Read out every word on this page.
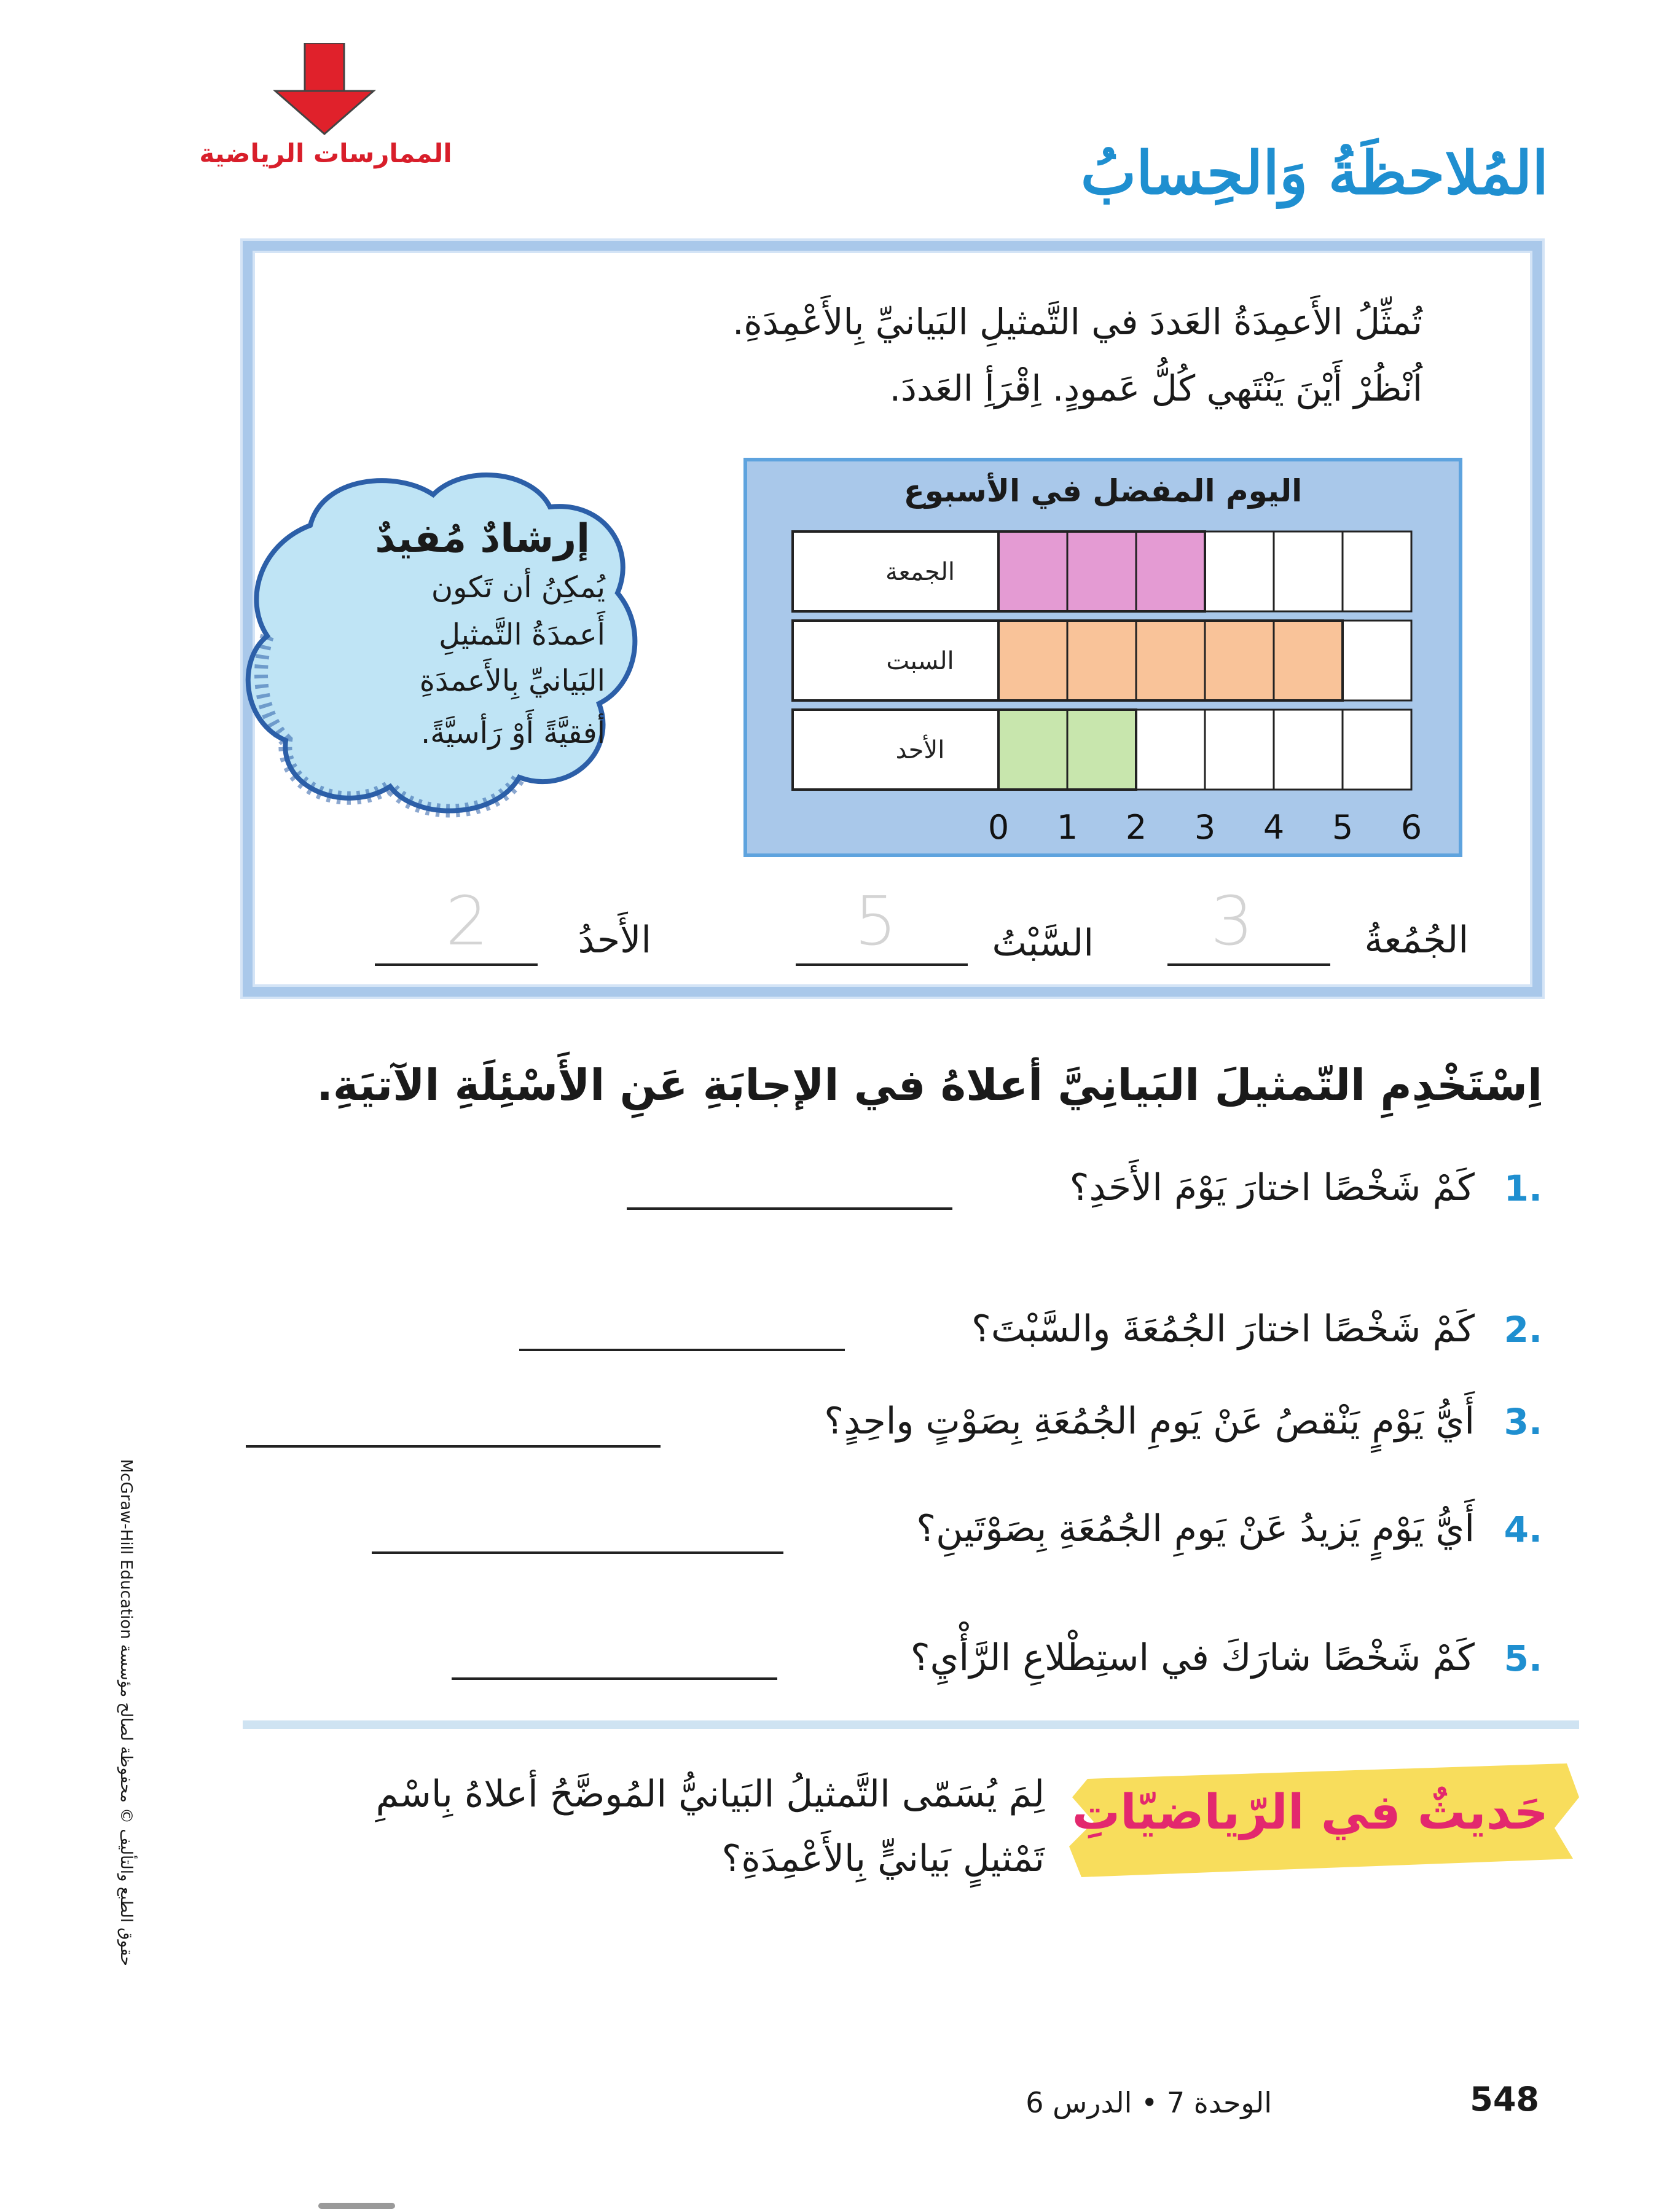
الممارسات الرياضية	المُلاحظَةُ وَالحِسابُ
تُمثِّلُ الأَعمِدَةُ العَددَ في التَّمثيلِ البَيانيِّ بِالأَعْمِدَةِ.
اُنْظُرْ أَيْنَ يَنْتَهي كُلُّ عَمودٍ. اِقْرَأِ العَددَ.
إرشادٌ مُفيدٌ
يُمكِنُ أن تَكون
أَعمدَةُ التَّمثيلِ
البَيانيِّ بِالأَعمدَةِ
أفقيَّةً أَوْ رَأسيَّةً.
اليوم المفضل في الأسبوع
الجمعة
السبت
الأحد
0 1 2 3 4 5 6
الجُمُعةُ
3
السَّبْتُ
5
الأَحدُ
2
اِسْتَخْدِمِ التّمثيلَ البَيانِيَّ أعلاهُ في الإجابَةِ عَنِ الأَسْئِلَةِ الآتيَةِ.
1.
كَمْ شَخْصًا اختارَ يَوْمَ الأَحَدِ؟
2.
كَمْ شَخْصًا اختارَ الجُمُعَةَ والسَّبْتَ؟
3.
أَيُّ يَوْمٍ يَنْقصُ عَنْ يَومِ الجُمُعَةِ بِصَوْتٍ واحِدٍ؟
4.
أَيُّ يَوْمٍ يَزيدُ عَنْ يَومِ الجُمُعَةِ بِصَوْتَينِ؟
5.
كَمْ شَخْصًا شارَكَ في استِطْلاعِ الرَّأْيِ؟
حَديثٌ في الرّياضيّاتِ
لِمَ يُسَمّى التَّمثيلُ البَيانيُّ المُوضَّحُ أعلاهُ بِاسْمِ
تَمْثيلٍ بَيانيٍّ بِالأَعْمِدَةِ؟
حقوق الطبع والتأليف © محفوظة لصالح مؤسسة McGraw-Hill Education
الوحدة 7 • الدرس 6	548
